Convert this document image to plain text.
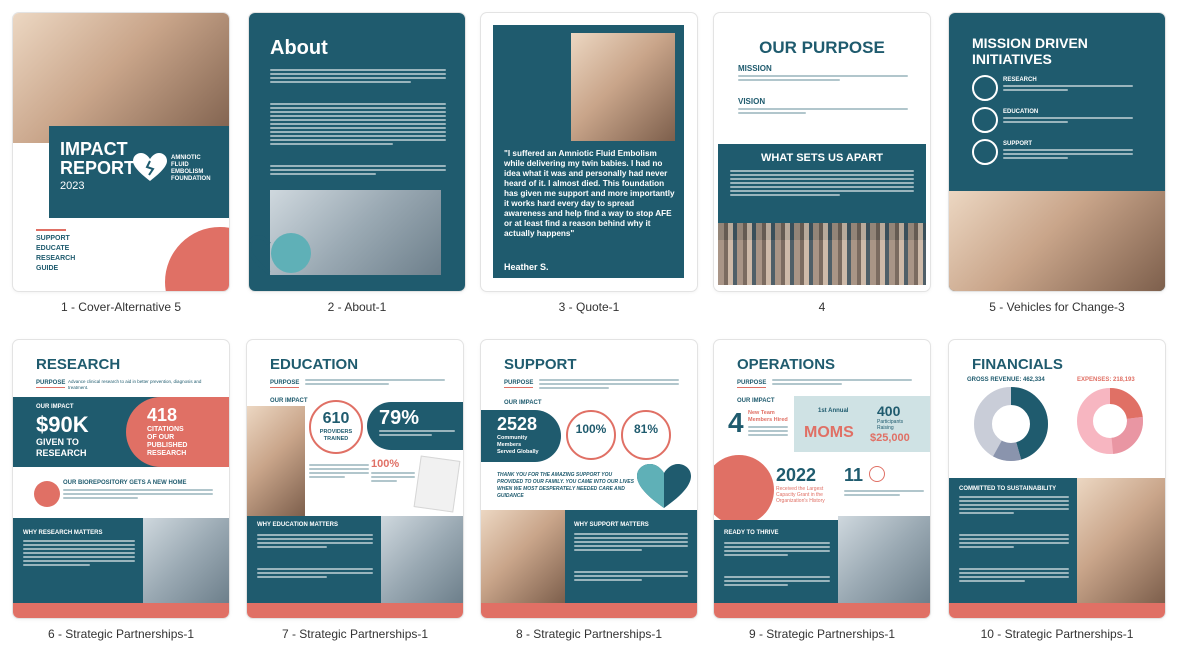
IMPACT
REPORT
2023
AMNIOTIC
FLUID
EMBOLISM
FOUNDATION
SUPPORT
EDUCATE
RESEARCH
GUIDE
1 - Cover-Alternative 5
About

2 - About-1
"I suffered an Amniotic Fluid Embolism while delivering my twin babies. I had no idea what it was and personally had never heard of it. I almost died. This foundation has given me support and more importantly it works hard every day to spread awareness and help find a way to stop AFE or at least find a reason behind why it actually happens"
Heather S.
3 - Quote-1
OUR PURPOSE
MISSION
VISION
WHAT SETS US APART
4
MISSION DRIVEN
INITIATIVES
RESEARCH
EDUCATION
SUPPORT
5 - Vehicles for Change-3
RESEARCH
PURPOSE Advance clinical research to aid in better prevention, diagnosis and treatment.
OUR IMPACT
$90K
GIVEN TO
RESEARCH
418
CITATIONS
OF OUR
PUBLISHED
RESEARCH
OUR BIOREPOSITORY GETS A NEW HOME
WHY RESEARCH MATTERS
6 - Strategic Partnerships-1
EDUCATION
PURPOSE
OUR IMPACT
610
PROVIDERS
TRAINED
79%
100%
WHY EDUCATION MATTERS

7 - Strategic Partnerships-1
SUPPORT
PURPOSE
OUR IMPACT
2528
Community
Members
Served Globally
100%	81%
THANK YOU FOR THE AMAZING SUPPORT YOU PROVIDED TO OUR FAMILY. YOU CAME INTO OUR LIVES WHEN WE MOST DESPERATELY NEEDED CARE AND GUIDANCE
WHY SUPPORT MATTERS

8 - Strategic Partnerships-1
OPERATIONS
PURPOSE
OUR IMPACT
4 New Team
Members Hired
1st Annual
MOMS
400
Participants
Raising
$25,000
2022
Received the Largest
Capacity Grant in the
Organization's History
11
READY TO THRIVE

9 - Strategic Partnerships-1
FINANCIALS
GROSS REVENUE: 462,334	EXPENSES: 218,193
COMMITTED TO SUSTAINABILITY

10 - Strategic Partnerships-1
